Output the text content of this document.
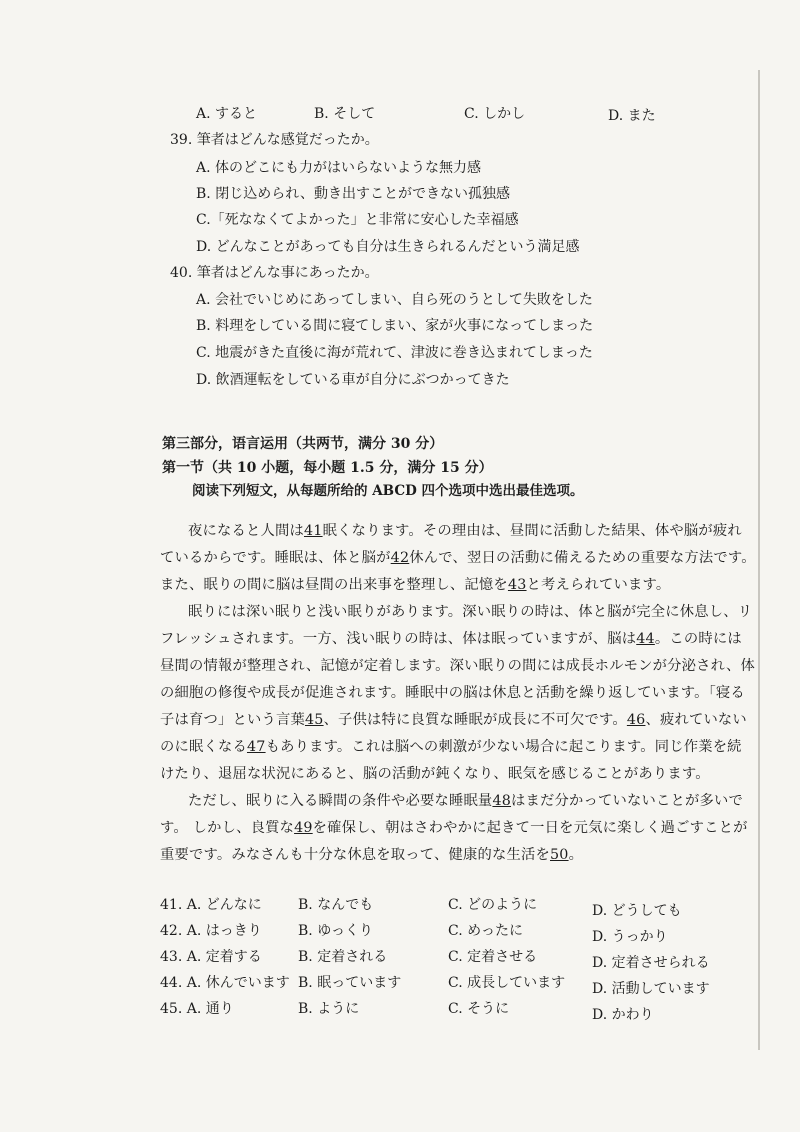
A. すると	B. そして	C. しかし	D. また
39. 筆者はどんな感覚だったか。
A. 体のどこにも力がはいらないような無力感
B. 閉じ込められ、動き出すことができない孤独感
C.「死ななくてよかった」と非常に安心した幸福感
D. どんなことがあっても自分は生きられるんだという満足感
40. 筆者はどんな事にあったか。
A. 会社でいじめにあってしまい、自ら死のうとして失敗をした
B. 料理をしている間に寝てしまい、家が火事になってしまった
C. 地震がきた直後に海が荒れて、津波に巻き込まれてしまった
D. 飲酒運転をしている車が自分にぶつかってきた
第三部分，语言运用（共两节，满分 30 分）
第一节（共 10 小题，每小题 1.5 分，满分 15 分）
阅读下列短文，从每题所给的 ABCD 四个选项中选出最佳选项。

夜になると人間は41眠くなります。その理由は、昼間に活動した結果、体や脳が疲れているからです。睡眠は、体と脳が42休んで、翌日の活動に備えるための重要な方法です。また、眠りの間に脳は昼間の出来事を整理し、記憶を43と考えられています。

眠りには深い眠りと浅い眠りがあります。深い眠りの時は、体と脳が完全に休息し、リフレッシュされます。一方、浅い眠りの時は、体は眠っていますが、脳は44。この時には昼間の情報が整理され、記憶が定着します。深い眠りの間には成長ホルモンが分泌され、体の細胞の修復や成長が促進されます。睡眠中の脳は休息と活動を繰り返しています。「寝る子は育つ」という言葉45、子供は特に良質な睡眠が成長に不可欠です。46、疲れていないのに眠くなる47もあります。これは脳への刺激が少ない場合に起こります。同じ作業を続けたり、退屈な状況にあると、脳の活動が鈍くなり、眠気を感じることがあります。

ただし、眠りに入る瞬間の条件や必要な睡眠量48はまだ分かっていないことが多いです。 しかし、良質な49を確保し、朝はさわやかに起きて一日を元気に楽しく過ごすことが重要です。みなさんも十分な休息を取って、健康的な生活を50。

41. A. どんなに	B. なんでも	C. どのように	D. どうしても
42. A. はっきり	B. ゆっくり	C. めったに	D. うっかり
43. A. 定着する	B. 定着される	C. 定着させる	D. 定着させられる
44. A. 休んでいます B. 眠っています	C. 成長しています D. 活動しています
45. A. 通り	B. ように	C. そうに	D. かわり
